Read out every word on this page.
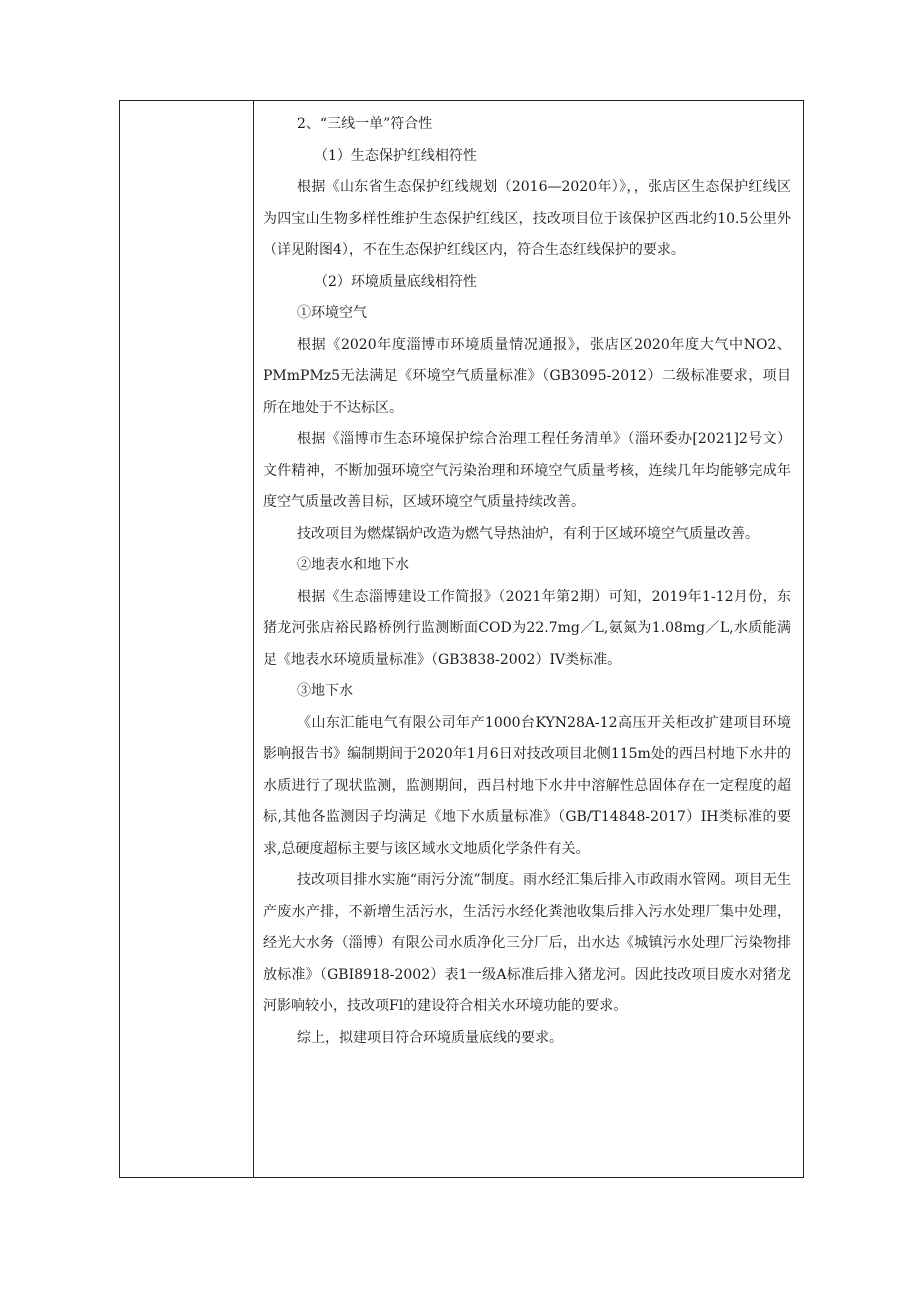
2、“三线一单”符合性

（1）生态保护红线相符性

根据《山东省生态保护红线规划（2016—2020年）》，，张店区生态保护红线区为四宝山生物多样性维护生态保护红线区，技改项目位于该保护区西北约10.5公里外（详见附图4），不在生态保护红线区内，符合生态红线保护的要求。

（2）环境质量底线相符性

①环境空气

根据《2020年度淄博市环境质量情况通报》，张店区2020年度大气中NO2、PMmPMz5无法满足《环境空气质量标准》（GB3095-2012）二级标准要求，项目所在地处于不达标区。

根据《淄博市生态环境保护综合治理工程任务清单》（淄环委办[2021]2号文）文件精神，不断加强环境空气污染治理和环境空气质量考核，连续几年均能够完成年度空气质量改善目标，区域环境空气质量持续改善。

技改项目为燃煤锅炉改造为燃气导热油炉，有利于区域环境空气质量改善。

②地表水和地下水

根据《生态淄博建设工作简报》（2021年第2期）可知，2019年1-12月份，东猪龙河张店裕民路桥例行监测断面COD为22.7mg／L,氨氮为1.08mg／L,水质能满足《地表水环境质量标准》（GB3838-2002）IV类标准。

③地下水

《山东汇能电气有限公司年产1000台KYN28A-12高压开关柜改扩建项目环境影响报告书》编制期间于2020年1月6日对技改项目北侧115m处的西吕村地下水井的水质进行了现状监测，监测期间，西吕村地下水井中溶解性总固体存在一定程度的超标,其他各监测因子均满足《地下水质量标准》（GB/T14848-2017）IH类标准的要求,总硬度超标主要与该区域水文地质化学条件有关。

技改项目排水实施“雨污分流”制度。雨水经汇集后排入市政雨水管网。项目无生产废水产排，不新增生活污水，生活污水经化粪池收集后排入污水处理厂集中处理，经光大水务（淄博）有限公司水质净化三分厂后，出水达《城镇污水处理厂污染物排放标准》（GBI8918-2002）表1一级A标准后排入猪龙河。因此技改项目废水对猪龙河影响较小，技改项Fl的建设符合相关水环境功能的要求。

综上，拟建项目符合环境质量底线的要求。
